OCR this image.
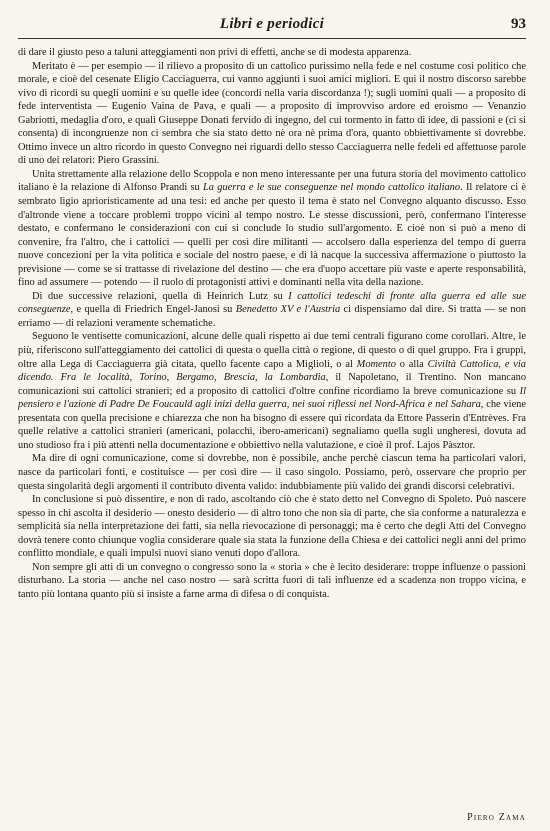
Libri e periodici	93

di dare il giusto peso a taluni atteggiamenti non privi di effetti, anche se di modesta apparenza.

Meritato è — per esempio — il rilievo a proposito di un cattolico purissimo nella fede e nel costume così politico che morale, e cioè del cesenate Eligio Cacciaguerra, cui vanno aggiunti i suoi amici migliori. E qui il nostro discorso sarebbe vivo di ricordi su quegli uomini e su quelle idee (concordi nella varia discordanza !); sugli uomini quali — a proposito di fede interventista — Eugenio Vaina de Pava, e quali — a proposito di improvviso ardore ed eroismo — Venanzio Gabriotti, medaglia d'oro, e quali Giuseppe Donati fervido di ingegno, del cui tormento in fatto di idee, di passioni e (ci si consenta) di incongruenze non ci sembra che sia stato detto nè ora nè prima d'ora, quanto obbiettivamente si dovrebbe. Ottimo invece un altro ricordo in questo Convegno nei riguardi dello stesso Cacciaguerra nelle fedeli ed affettuose parole di uno dei relatori: Piero Grassini.

Unita strettamente alla relazione dello Scoppola e non meno interessante per una futura storia del movimento cattolico italiano è la relazione di Alfonso Prandi su La guerra e le sue conseguenze nel mondo cattolico italiano. Il relatore ci è sembrato ligio aprioristicamente ad una tesi: ed anche per questo il tema è stato nel Convegno alquanto discusso. Esso d'altronde viene a toccare problemi troppo vicini al tempo nostro. Le stesse discussioni, però, confermano l'interesse destato, e confermano le considerazioni con cui si conclude lo studio sull'argomento. E cioè non si può a meno di convenire, fra l'altro, che i cattolici — quelli per così dire militanti — accolsero dalla esperienza del tempo di guerra nuove concezioni per la vita politica e sociale del nostro paese, e di là nacque la successiva affermazione o piuttosto la previsione — come se si trattasse di rivelazione del destino — che era d'uopo accettare più vaste e aperte responsabilità, fino ad assumere — potendo — il ruolo di protagonisti attivi e dominanti nella vita della nazione.

Di due successive relazioni, quella di Heinrich Lutz su I cattolici tedeschi di fronte alla guerra ed alle sue conseguenze, e quella di Friedrich Engel-Janosi su Benedetto XV e l'Austria ci dispensiamo dal dire. Si tratta — se non erriamo — di relazioni veramente schematiche.

Seguono le ventisette comunicazioni, alcune delle quali rispetto ai due temi centrali figurano come corollari. Altre, le più, riferiscono sull'atteggiamento dei cattolici di questa o quella città o regione, di questo o di quel gruppo. Fra i gruppi, oltre alla Lega di Cacciaguerra già citata, quello facente capo a Miglioli, o al Momento o alla Civiltà Cattolica, e via dicendo. Fra le località, Torino, Bergamo, Brescia, la Lombardia, il Napoletano, il Trentino. Non mancano comunicazioni sui cattolici stranieri; ed a proposito di cattolici d'oltre confine ricordiamo la breve comunicazione su Il pensiero e l'azione di Padre De Foucauld agli inizi della guerra, nei suoi riflessi nel Nord-Africa e nel Sahara, che viene presentata con quella precisione e chiarezza che non ha bisogno di essere qui ricordata da Ettore Passerin d'Entrèves. Fra quelle relative a cattolici stranieri (americani, polacchi, ibero-americani) segnaliamo quella sugli ungheresi, dovuta ad uno studioso fra i più attenti nella documentazione e obbiettivo nella valutazione, e cioè il prof. Lajos Pàsztor.

Ma dire di ogni comunicazione, come si dovrebbe, non è possibile, anche perchè ciascun tema ha particolari valori, nasce da particolari fonti, e costituisce — per così dire — il caso singolo. Possiamo, però, osservare che proprio per questa singolarità degli argomenti il contributo diventa valido: indubbiamente più valido dei grandi discorsi celebrativi.

In conclusione si può dissentire, e non di rado, ascoltando ciò che è stato detto nel Convegno di Spoleto. Può nascere spesso in chi ascolta il desiderio — onesto desiderio — di altro tono che non sia di parte, che sia conforme a naturalezza e semplicità sia nella interpretazione dei fatti, sia nella rievocazione di personaggi; ma è certo che degli Atti del Convegno dovrà tenere conto chiunque voglia considerare quale sia stata la funzione della Chiesa e dei cattolici negli anni del primo conflitto mondiale, e quali impulsi nuovi siano venuti dopo d'allora.

Non sempre gli atti di un convegno o congresso sono la « storia » che è lecito desiderare: troppe influenze o passioni disturbano. La storia — anche nel caso nostro — sarà scritta fuori di tali influenze ed a scadenza non troppo vicina, e tanto più lontana quanto più si insiste a farne arma di difesa o di conquista.

Piero Zama
